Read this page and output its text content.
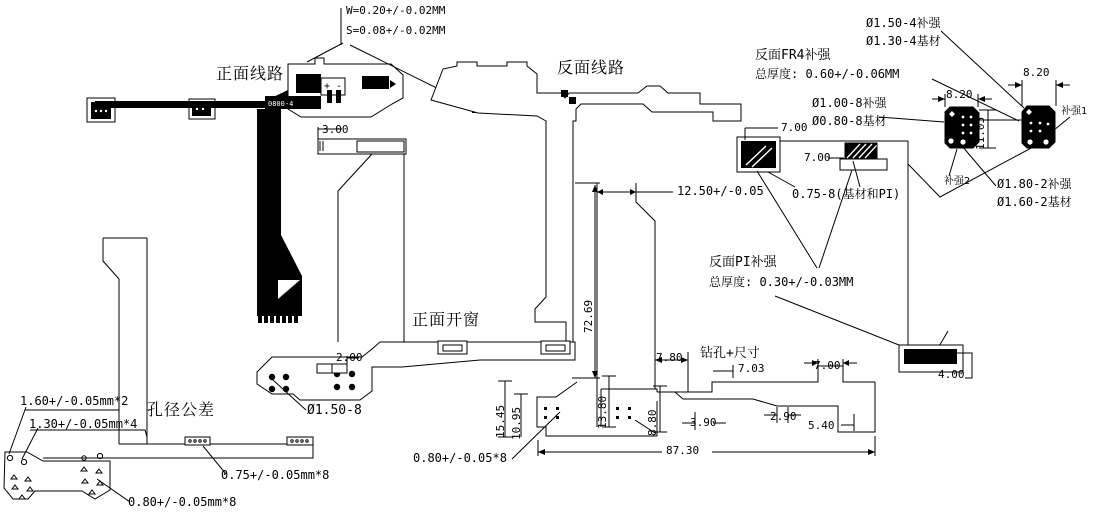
0800-4
+ -
W=0.20+/-0.02MM
S=0.08+/-0.02MM
正面线路	反面线路
正面开窗
孔径公差
钻孔+尺寸
反面FR4补强
总厚度: 0.60+/-0.06MM
Ø1.50-4补强
Ø1.30-4基材
Ø1.00-8补强
Ø0.80-8基材
Ø1.80-2补强
Ø1.60-2基材
补强1
补强2
反面PI补强
总厚度: 0.30+/-0.03MM
0.75-8(基材和PI)
3.00
2.00
12.50+/-0.05
72.69
7.80
7.03
7.00
7.00
7.00
8.20
8.20
11.05
15.45 10.95	13.80	8.80	3.90	2.90
5.40
87.30
4.00
1.60+/-0.05mm*2
1.30+/-0.05mm*4
0.75+/-0.05mm*8
0.80+/-0.05mm*8
0.80+/-0.05*8
Ø1.50-8
